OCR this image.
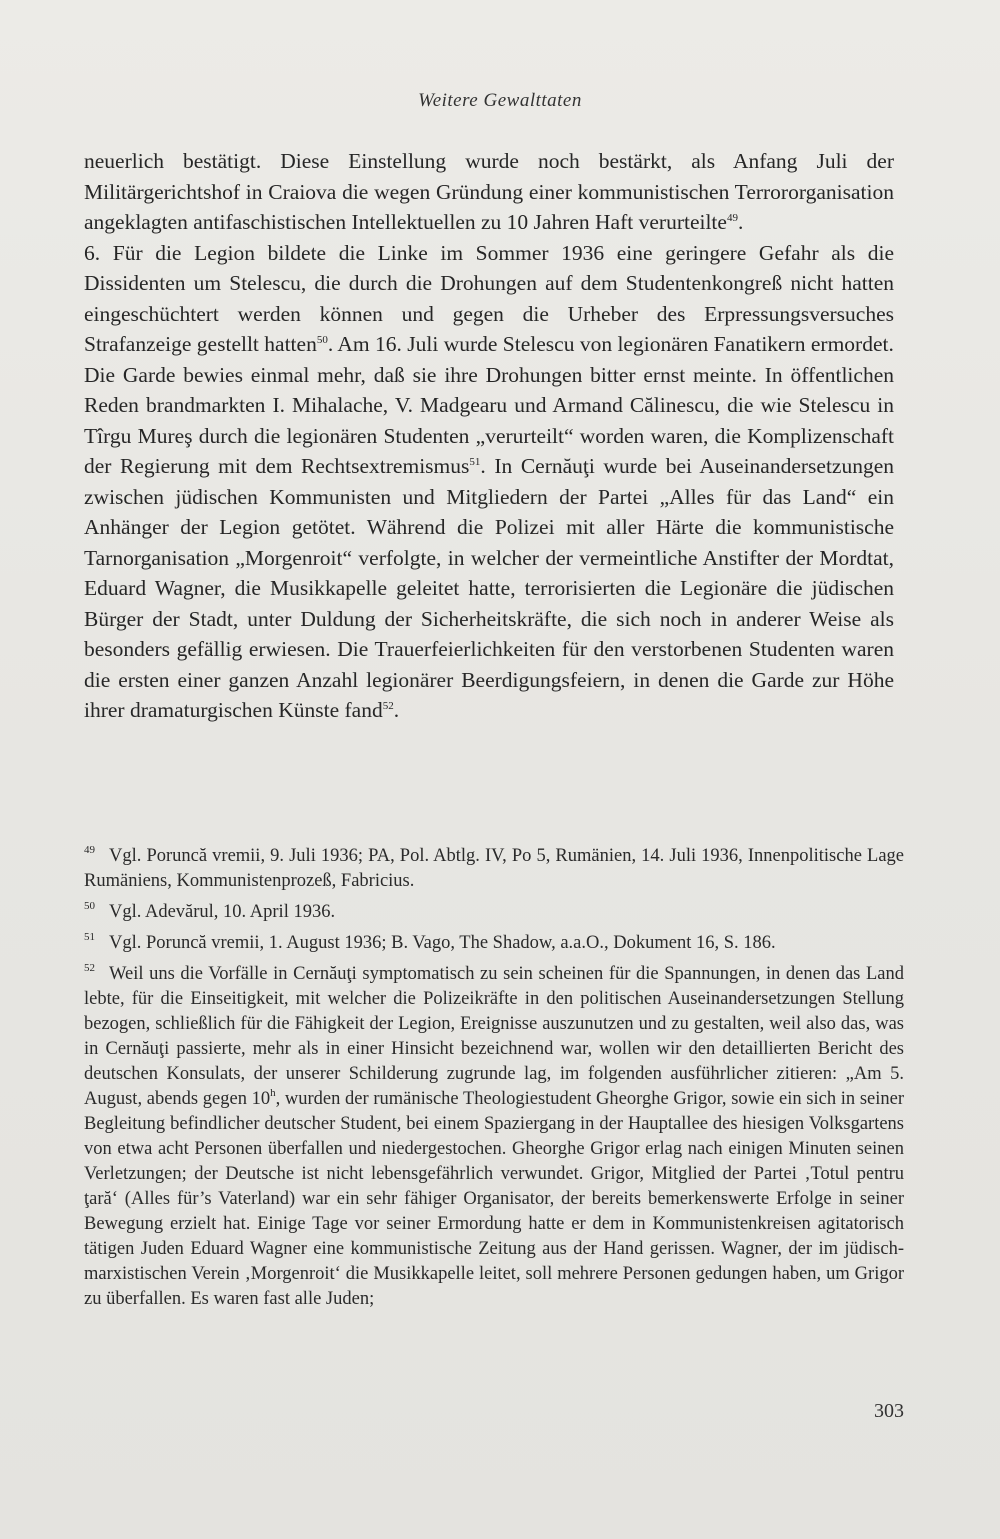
Weitere Gewalttaten

neuerlich bestätigt. Diese Einstellung wurde noch bestärkt, als Anfang Juli der Militärgerichtshof in Craiova die wegen Gründung einer kommunistischen Terrororganisation angeklagten antifaschistischen Intellektuellen zu 10 Jahren Haft verurteilte$^{49}$.

6. Für die Legion bildete die Linke im Sommer 1936 eine geringere Gefahr als die Dissidenten um Stelescu, die durch die Drohungen auf dem Studentenkongreß nicht hatten eingeschüchtert werden können und gegen die Urheber des Erpressungsversuches Strafanzeige gestellt hatten$^{50}$. Am 16. Juli wurde Stelescu von legionären Fanatikern ermordet.

Die Garde bewies einmal mehr, daß sie ihre Drohungen bitter ernst meinte. In öffentlichen Reden brandmarkten I. Mihalache, V. Madgearu und Armand Călinescu, die wie Stelescu in Tîrgu Mureş durch die legionären Studenten „verurteilt“ worden waren, die Komplizenschaft der Regierung mit dem Rechtsextremismus$^{51}$. In Cernăuţi wurde bei Auseinandersetzungen zwischen jüdischen Kommunisten und Mitgliedern der Partei „Alles für das Land“ ein Anhänger der Legion getötet. Während die Polizei mit aller Härte die kommunistische Tarnorganisation „Morgenroit“ verfolgte, in welcher der vermeintliche Anstifter der Mordtat, Eduard Wagner, die Musikkapelle geleitet hatte, terrorisierten die Legionäre die jüdischen Bürger der Stadt, unter Duldung der Sicherheitskräfte, die sich noch in anderer Weise als besonders gefällig erwiesen. Die Trauerfeierlichkeiten für den verstorbenen Studenten waren die ersten einer ganzen Anzahl legionärer Beerdigungsfeiern, in denen die Garde zur Höhe ihrer dramaturgischen Künste fand$^{52}$.

$^{49}$ Vgl. Poruncă vremii, 9. Juli 1936; PA, Pol. Abtlg. IV, Po 5, Rumänien, 14. Juli 1936, Innenpolitische Lage Rumäniens, Kommunistenprozeß, Fabricius.

$^{50}$ Vgl. Adevărul, 10. April 1936.

$^{51}$ Vgl. Poruncă vremii, 1. August 1936; B. Vago, The Shadow, a.a.O., Dokument 16, S. 186.

$^{52}$ Weil uns die Vorfälle in Cernăuţi symptomatisch zu sein scheinen für die Spannungen, in denen das Land lebte, für die Einseitigkeit, mit welcher die Polizeikräfte in den politischen Auseinandersetzungen Stellung bezogen, schließlich für die Fähigkeit der Legion, Ereignisse auszunutzen und zu gestalten, weil also das, was in Cernăuţi passierte, mehr als in einer Hinsicht bezeichnend war, wollen wir den detaillierten Bericht des deutschen Konsulats, der unserer Schilderung zugrunde lag, im folgenden ausführlicher zitieren: „Am 5. August, abends gegen 10$^h$, wurden der rumänische Theologiestudent Gheorghe Grigor, sowie ein sich in seiner Begleitung befindlicher deutscher Student, bei einem Spaziergang in der Hauptallee des hiesigen Volksgartens von etwa acht Personen überfallen und niedergestochen. Gheorghe Grigor erlag nach einigen Minuten seinen Verletzungen; der Deutsche ist nicht lebensgefährlich verwundet. Grigor, Mitglied der Partei ‚Totul pentru ţară‘ (Alles für’s Vaterland) war ein sehr fähiger Organisator, der bereits bemerkenswerte Erfolge in seiner Bewegung erzielt hat. Einige Tage vor seiner Ermordung hatte er dem in Kommunistenkreisen agitatorisch tätigen Juden Eduard Wagner eine kommunistische Zeitung aus der Hand gerissen. Wagner, der im jüdisch-marxistischen Verein ‚Morgenroit‘ die Musikkapelle leitet, soll mehrere Personen gedungen haben, um Grigor zu überfallen. Es waren fast alle Juden;

303
